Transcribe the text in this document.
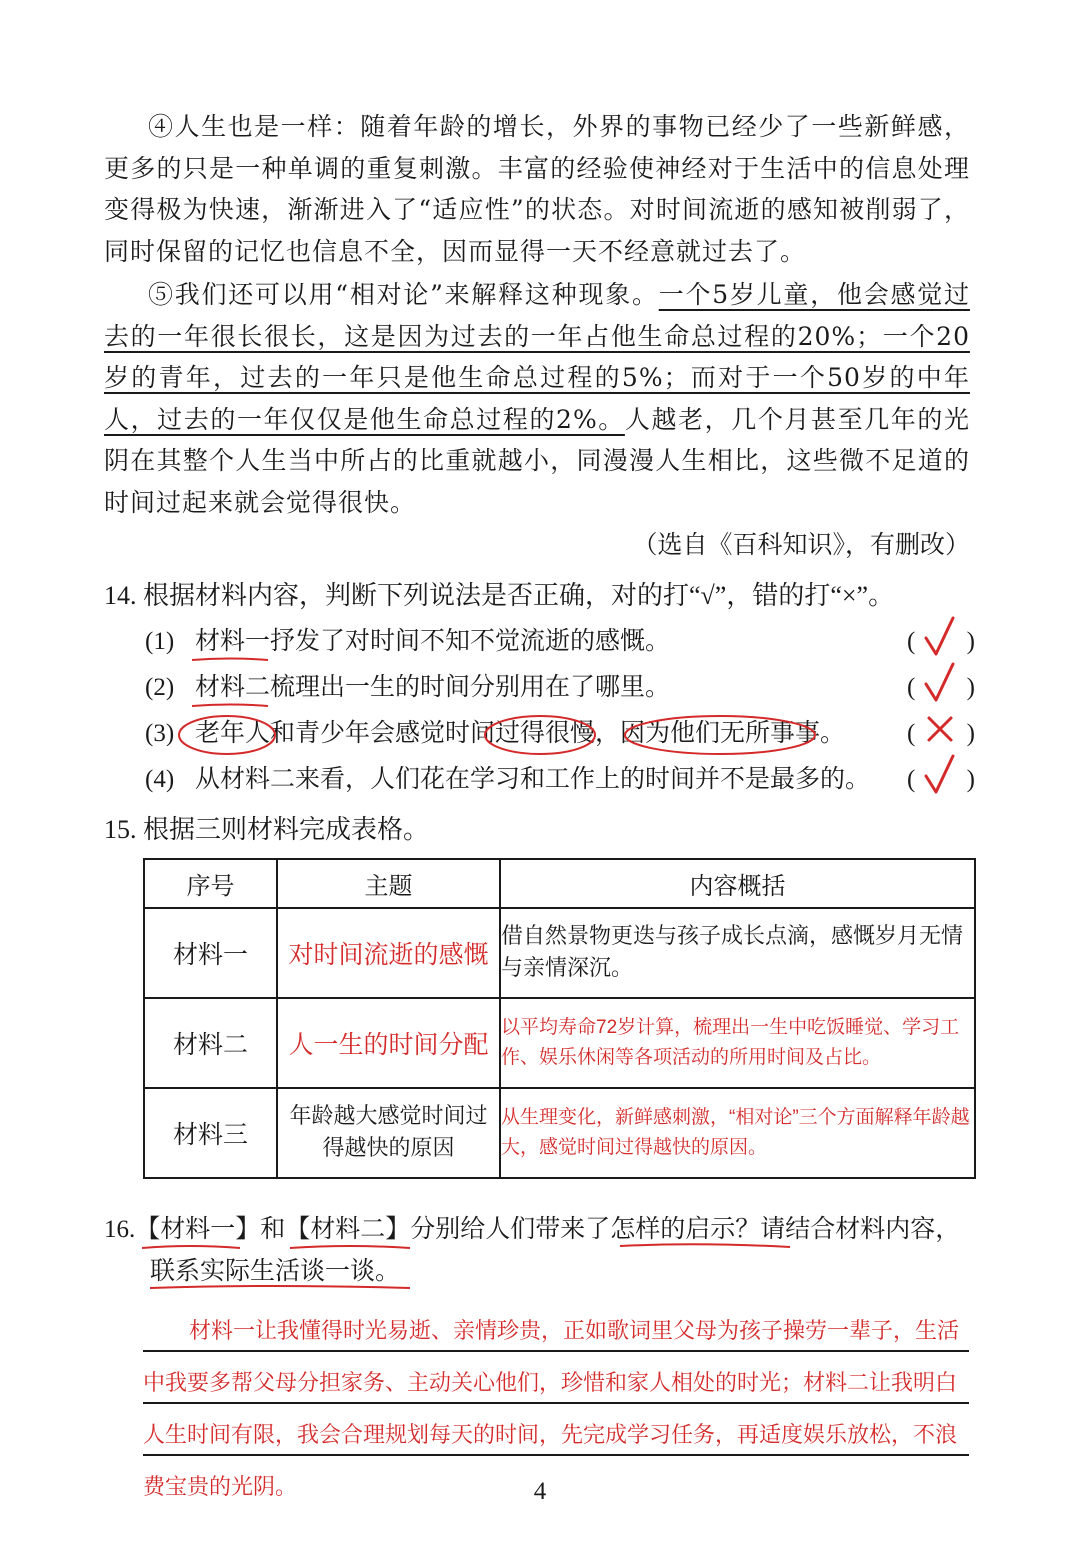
④人生也是一样：随着年龄的增长，外界的事物已经少了一些新鲜感，更多的只是一种单调的重复刺激。丰富的经验使神经对于生活中的信息处理变得极为快速，渐渐进入了“适应性”的状态。对时间流逝的感知被削弱了，同时保留的记忆也信息不全，因而显得一天不经意就过去了。
⑤我们还可以用“相对论”来解释这种现象。一个5岁儿童，他会感觉过去的一年很长很长，这是因为过去的一年占他生命总过程的20%；一个20岁的青年，过去的一年只是他生命总过程的5%；而对于一个50岁的中年人，过去的一年仅仅是他生命总过程的2%。人越老，几个月甚至几年的光阴在其整个人生当中所占的比重就越小，同漫漫人生相比，这些微不足道的时间过起来就会觉得很快。
（选自《百科知识》，有删改）
14. 根据材料内容，判断下列说法是否正确，对的打“√”，错的打“×”。
(1) 材料一抒发了对时间不知不觉流逝的感慨。	( )
(2) 材料二梳理出一生的时间分别用在了哪里。	( )
(3) 老年人和青少年会感觉时间过得很慢，因为他们无所事事。 ( )
(4) 从材料二来看，人们花在学习和工作上的时间并不是最多的。 ( )
15. 根据三则材料完成表格。
序号	主题	内容概括
材料一	对时间流逝的感慨	借自然景物更迭与孩子成长点滴，感慨岁月无情与亲情深沉。
材料二	人一生的时间分配	以平均寿命72岁计算，梳理出一生中吃饭睡觉、学习工作、娱乐休闲等各项活动的所用时间及占比。
材料三	年龄越大感觉时间过得越快的原因	从生理变化，新鲜感刺激，“相对论”三个方面解释年龄越大，感觉时间过得越快的原因。
16.【材料一】和【材料二】分别给人们带来了怎样的启示？请结合材料内容，
联系实际生活谈一谈。
材料一让我懂得时光易逝、亲情珍贵，正如歌词里父母为孩子操劳一辈子，生活
中我要多帮父母分担家务、主动关心他们，珍惜和家人相处的时光；材料二让我明白
人生时间有限，我会合理规划每天的时间，先完成学习任务，再适度娱乐放松，不浪
费宝贵的光阴。	4
